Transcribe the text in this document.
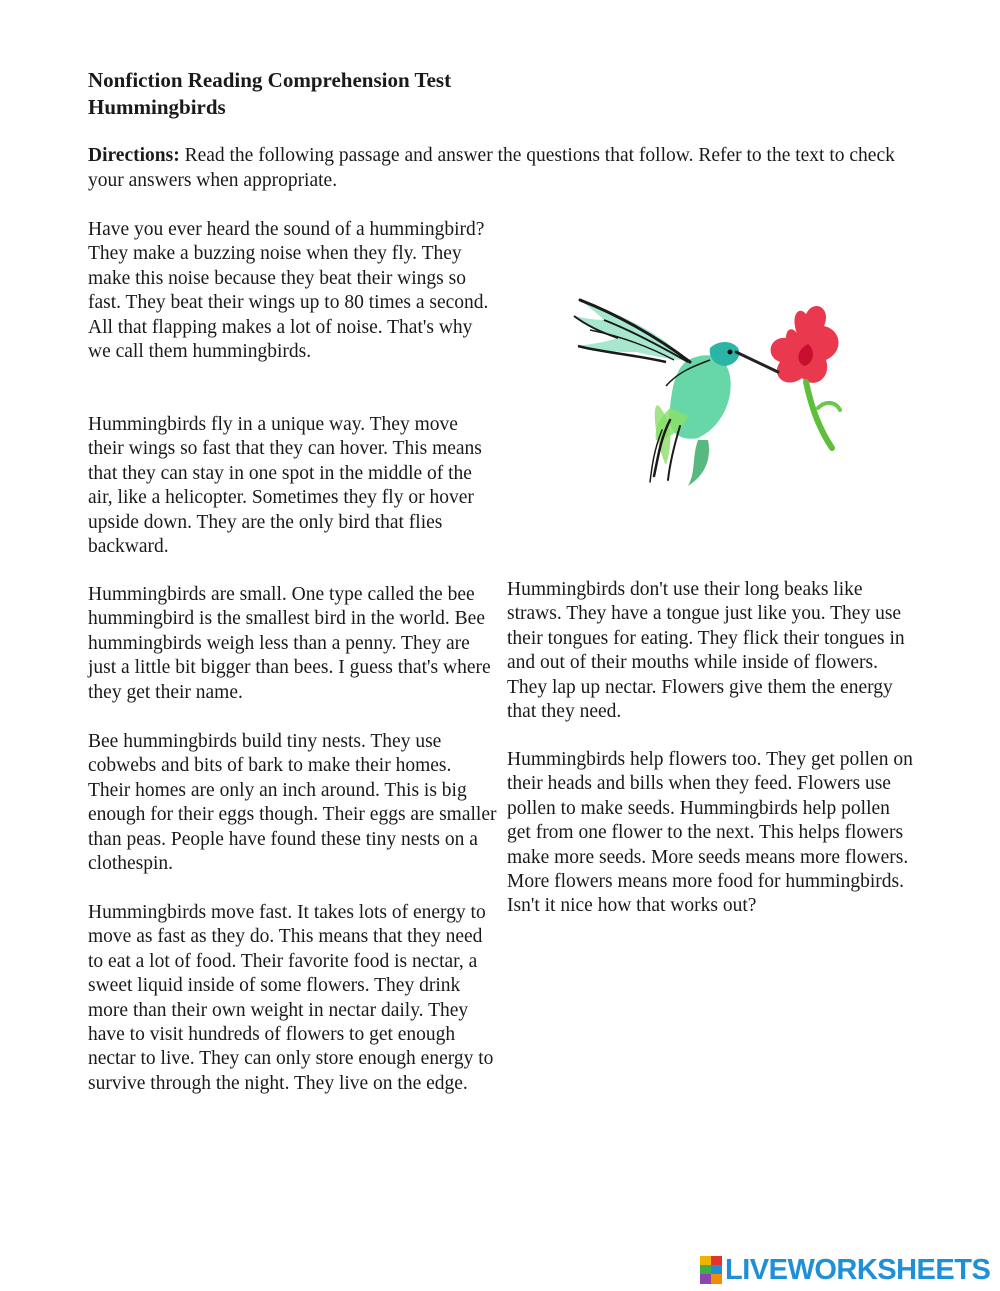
Nonfiction Reading Comprehension Test
Hummingbirds

Directions: Read the following passage and answer the questions that follow. Refer to the text to check your answers when appropriate.

Have you ever heard the sound of a hummingbird? They make a buzzing noise when they fly. They make this noise because they beat their wings so fast. They beat their wings up to 80 times a second. All that flapping makes a lot of noise. That's why we call them hummingbirds.

Hummingbirds fly in a unique way. They move their wings so fast that they can hover. This means that they can stay in one spot in the middle of the air, like a helicopter. Sometimes they fly or hover upside down. They are the only bird that flies backward.

Hummingbirds are small. One type called the bee hummingbird is the smallest bird in the world. Bee hummingbirds weigh less than a penny. They are just a little bit bigger than bees. I guess that's where they get their name.

Bee hummingbirds build tiny nests. They use cobwebs and bits of bark to make their homes. Their homes are only an inch around. This is big enough for their eggs though. Their eggs are smaller than peas. People have found these tiny nests on a clothespin.

Hummingbirds move fast. It takes lots of energy to move as fast as they do. This means that they need to eat a lot of food. Their favorite food is nectar, a sweet liquid inside of some flowers. They drink more than their own weight in nectar daily. They have to visit hundreds of flowers to get enough nectar to live. They can only store enough energy to survive through the night. They live on the edge.

Hummingbirds don't use their long beaks like straws. They have a tongue just like you. They use their tongues for eating. They flick their tongues in and out of their mouths while inside of flowers. They lap up nectar. Flowers give them the energy that they need.

Hummingbirds help flowers too. They get pollen on their heads and bills when they feed. Flowers use pollen to make seeds. Hummingbirds help pollen get from one flower to the next. This helps flowers make more seeds. More seeds means more flowers. More flowers means more food for hummingbirds. Isn't it nice how that works out?

LIVEWORKSHEETS
